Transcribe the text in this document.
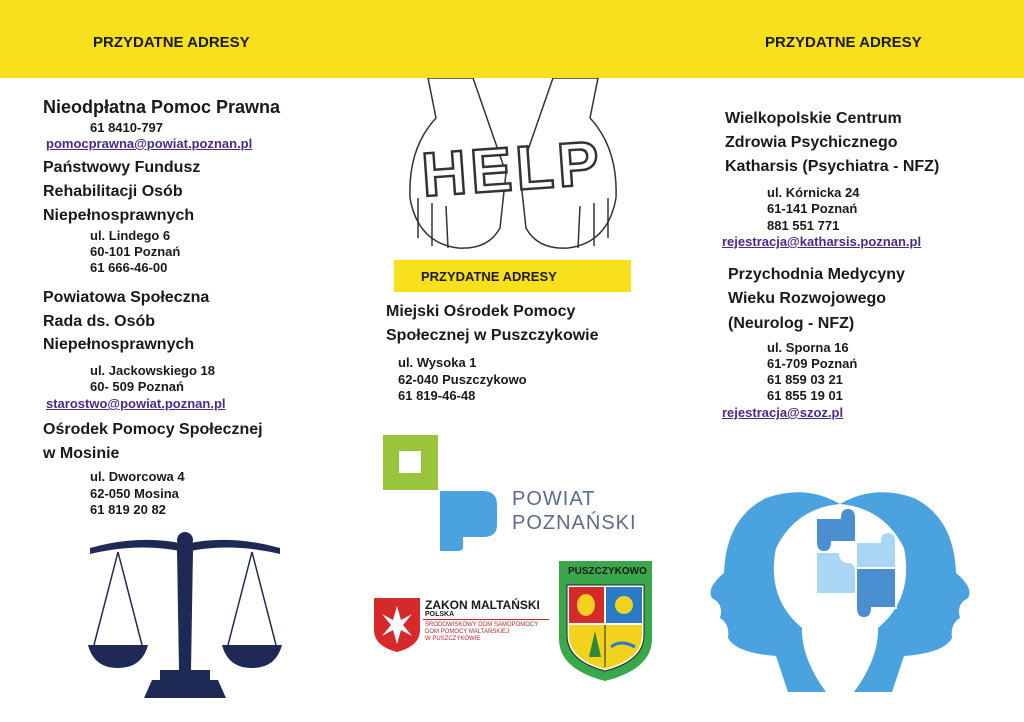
PRZYDATNE ADRESY	PRZYDATNE ADRESY
Nieodpłatna Pomoc Prawna
61 8410-797
pomocprawna@powiat.poznan.pl
Państwowy Fundusz
Rehabilitacji Osób
Niepełnosprawnych
ul. Lindego 6
60-101 Poznań
61 666-46-00
Powiatowa Społeczna
Rada ds. Osób
Niepełnosprawnych
ul. Jackowskiego 18
60- 509 Poznań
starostwo@powiat.poznan.pl
Ośrodek Pomocy Społecznej
w Mosinie
ul. Dworcowa 4
62-050 Mosina
61 819 20 82
HELP
PRZYDATNE ADRESY
Miejski Ośrodek Pomocy
Społecznej w Puszczykowie
ul. Wysoka 1
62-040 Puszczykowo
61 819-46-48
POWIAT
POZNAŃSKI
ZAKON MALTAŃSKI
POLSKA
ŚRODOWISKOWY DOM SAMOPOMOCY
DOM POMOCY MALTAŃSKIEJ
W PUSZCZYKOWIE
PUSZCZYKOWO
Wielkopolskie Centrum
Zdrowia Psychicznego
Katharsis (Psychiatra - NFZ)
ul. Kórnicka 24
61-141 Poznań
881 551 771
rejestracja@katharsis.poznan.pl
Przychodnia Medycyny
Wieku Rozwojowego
(Neurolog - NFZ)
ul. Sporna 16
61-709 Poznań
61 859 03 21
61 855 19 01
rejestracja@szoz.pl
